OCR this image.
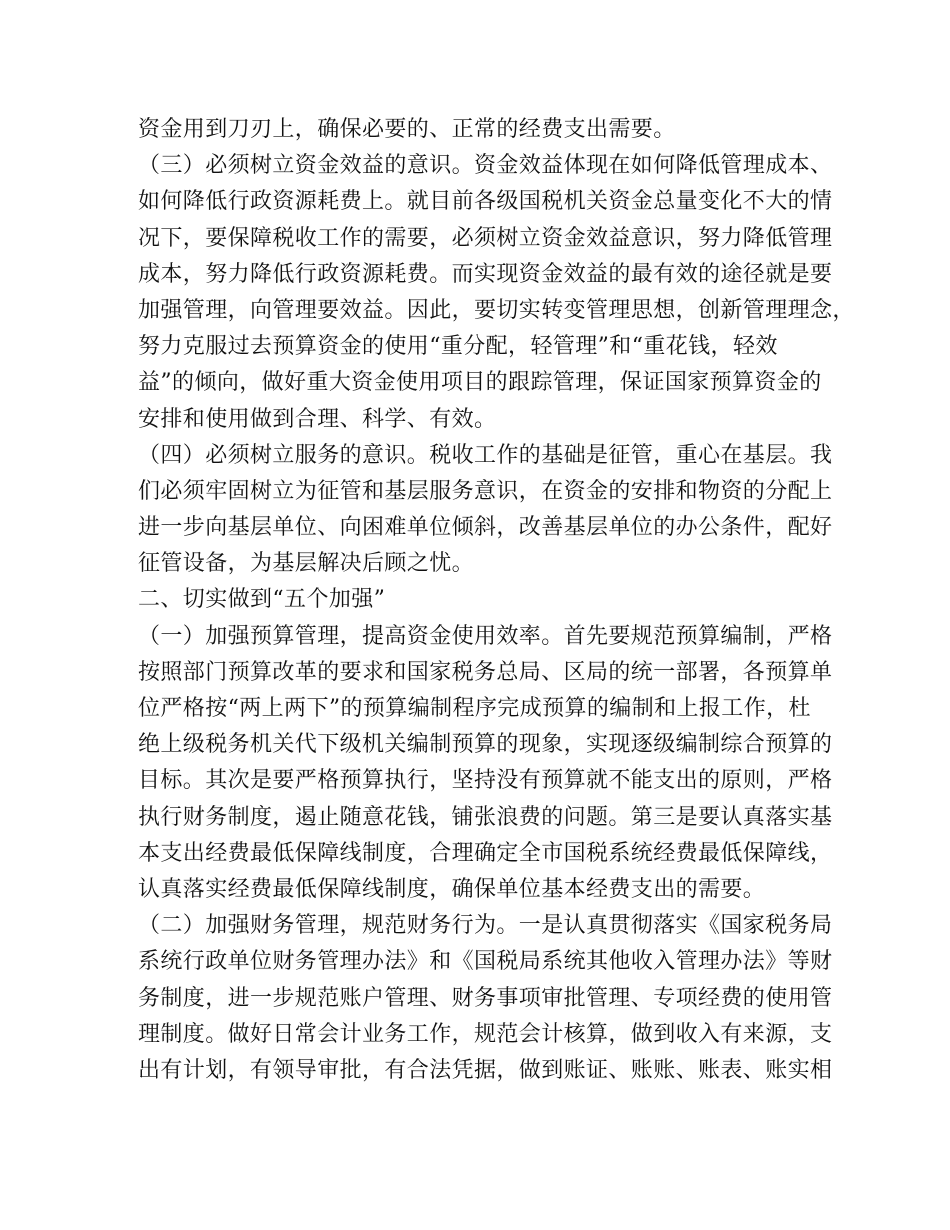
资金用到刀刃上，确保必要的、正常的经费支出需要。
（三）必须树立资金效益的意识。资金效益体现在如何降低管理成本、
如何降低行政资源耗费上。就目前各级国税机关资金总量变化不大的情
况下，要保障税收工作的需要，必须树立资金效益意识，努力降低管理
成本，努力降低行政资源耗费。而实现资金效益的最有效的途径就是要
加强管理，向管理要效益。因此，要切实转变管理思想，创新管理理念，
努力克服过去预算资金的使用“重分配，轻管理”和“重花钱，轻效
益”的倾向，做好重大资金使用项目的跟踪管理，保证国家预算资金的
安排和使用做到合理、科学、有效。
（四）必须树立服务的意识。税收工作的基础是征管，重心在基层。我
们必须牢固树立为征管和基层服务意识，在资金的安排和物资的分配上
进一步向基层单位、向困难单位倾斜，改善基层单位的办公条件，配好
征管设备，为基层解决后顾之忧。
二、切实做到“五个加强”
（一）加强预算管理，提高资金使用效率。首先要规范预算编制，严格
按照部门预算改革的要求和国家税务总局、区局的统一部署，各预算单
位严格按“两上两下”的预算编制程序完成预算的编制和上报工作，杜
绝上级税务机关代下级机关编制预算的现象，实现逐级编制综合预算的
目标。其次是要严格预算执行，坚持没有预算就不能支出的原则，严格
执行财务制度，遏止随意花钱，铺张浪费的问题。第三是要认真落实基
本支出经费最低保障线制度，合理确定全市国税系统经费最低保障线，
认真落实经费最低保障线制度，确保单位基本经费支出的需要。
（二）加强财务管理，规范财务行为。一是认真贯彻落实《国家税务局
系统行政单位财务管理办法》和《国税局系统其他收入管理办法》等财
务制度，进一步规范账户管理、财务事项审批管理、专项经费的使用管
理制度。做好日常会计业务工作，规范会计核算，做到收入有来源，支
出有计划，有领导审批，有合法凭据，做到账证、账账、账表、账实相
